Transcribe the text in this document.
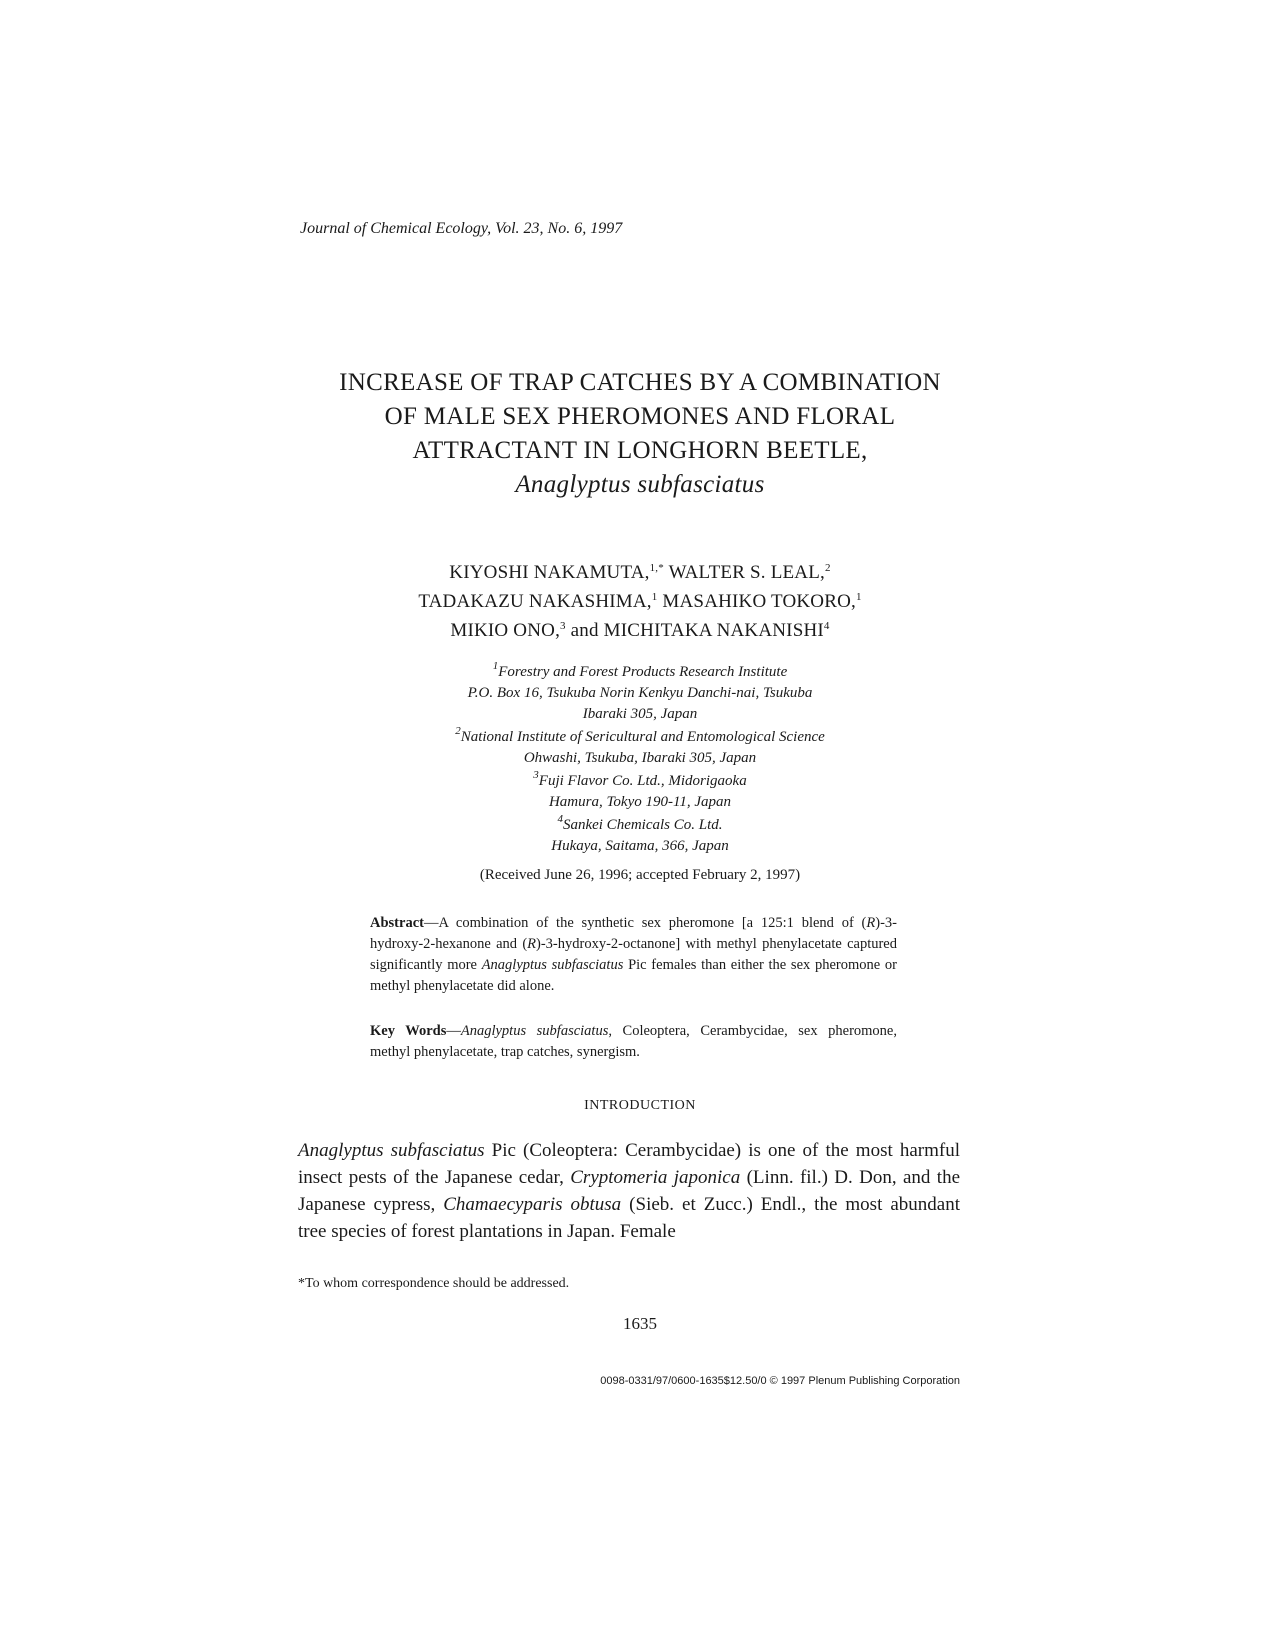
Journal of Chemical Ecology, Vol. 23, No. 6, 1997
INCREASE OF TRAP CATCHES BY A COMBINATION
OF MALE SEX PHEROMONES AND FLORAL
ATTRACTANT IN LONGHORN BEETLE,
Anaglyptus subfasciatus
KIYOSHI NAKAMUTA,$^{1,*}$ WALTER S. LEAL,$^2$
TADAKAZU NAKASHIMA,$^1$ MASAHIKO TOKORO,$^1$
MIKIO ONO,$^3$ and MICHITAKA NAKANISHI$^4$
$^1$Forestry and Forest Products Research Institute
P.O. Box 16, Tsukuba Norin Kenkyu Danchi-nai, Tsukuba
Ibaraki 305, Japan
$^2$National Institute of Sericultural and Entomological Science
Ohwashi, Tsukuba, Ibaraki 305, Japan
$^3$Fuji Flavor Co. Ltd., Midorigaoka
Hamura, Tokyo 190-11, Japan
$^4$Sankei Chemicals Co. Ltd.
Hukaya, Saitama, 366, Japan
(Received June 26, 1996; accepted February 2, 1997)
Abstract—A combination of the synthetic sex pheromone [a 125:1 blend of (R)-3-hydroxy-2-hexanone and (R)-3-hydroxy-2-octanone] with methyl phenylacetate captured significantly more Anaglyptus subfasciatus Pic females than either the sex pheromone or methyl phenylacetate did alone.
Key Words—Anaglyptus subfasciatus, Coleoptera, Cerambycidae, sex pheromone, methyl phenylacetate, trap catches, synergism.
INTRODUCTION
Anaglyptus subfasciatus Pic (Coleoptera: Cerambycidae) is one of the most harmful insect pests of the Japanese cedar, Cryptomeria japonica (Linn. fil.) D. Don, and the Japanese cypress, Chamaecyparis obtusa (Sieb. et Zucc.) Endl., the most abundant tree species of forest plantations in Japan. Female
*To whom correspondence should be addressed.
1635
0098-0331/97/0600-1635$12.50/0 © 1997 Plenum Publishing Corporation
